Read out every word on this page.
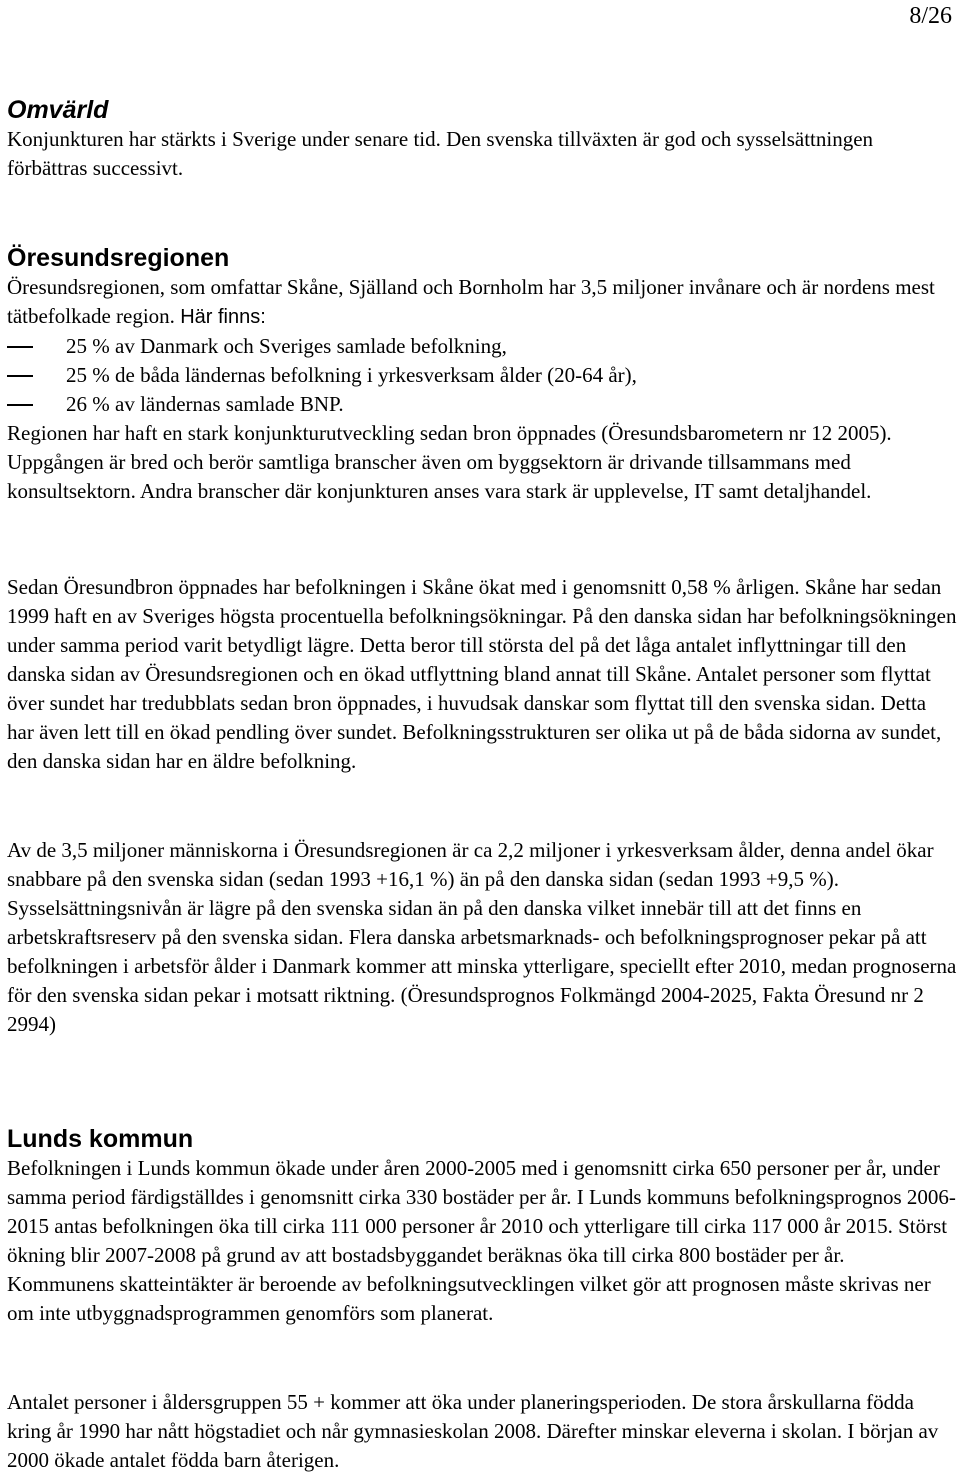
8/26
Omvärld

Konjunkturen har stärkts i Sverige under senare tid. Den svenska tillväxten är god och sysselsättningen förbättras successivt.

Öresundsregionen

Öresundsregionen, som omfattar Skåne, Själland och Bornholm har 3,5 miljoner invånare och är nordens mest tätbefolkade region. Här finns:

25 % av Danmark och Sveriges samlade befolkning,
25 % de båda ländernas befolkning i yrkesverksam ålder (20-64 år),
26 % av ländernas samlade BNP.

Regionen har haft en stark konjunkturutveckling sedan bron öppnades (Öresundsbarometern nr 12 2005). Uppgången är bred och berör samtliga branscher även om byggsektorn är drivande tillsammans med konsultsektorn. Andra branscher där konjunkturen anses vara stark är upplevelse, IT samt detaljhandel.

Sedan Öresundbron öppnades har befolkningen i Skåne ökat med i genomsnitt 0,58 % årligen. Skåne har sedan 1999 haft en av Sveriges högsta procentuella befolkningsökningar. På den danska sidan har befolkningsökningen under samma period varit betydligt lägre. Detta beror till största del på det låga antalet inflyttningar till den danska sidan av Öresundsregionen och en ökad utflyttning bland annat till Skåne. Antalet personer som flyttat över sundet har tredubblats sedan bron öppnades, i huvudsak danskar som flyttat till den svenska sidan. Detta har även lett till en ökad pendling över sundet. Befolkningsstrukturen ser olika ut på de båda sidorna av sundet, den danska sidan har en äldre befolkning.

Av de 3,5 miljoner människorna i Öresundsregionen är ca 2,2 miljoner i yrkesverksam ålder, denna andel ökar snabbare på den svenska sidan (sedan 1993 +16,1 %) än på den danska sidan (sedan 1993 +9,5 %). Sysselsättningsnivån är lägre på den svenska sidan än på den danska vilket innebär till att det finns en arbetskraftsreserv på den svenska sidan. Flera danska arbetsmarknads- och befolkningsprognoser pekar på att befolkningen i arbetsför ålder i Danmark kommer att minska ytterligare, speciellt efter 2010, medan prognoserna för den svenska sidan pekar i motsatt riktning. (Öresundsprognos Folkmängd 2004-2025, Fakta Öresund nr 2 2994)

Lunds kommun

Befolkningen i Lunds kommun ökade under åren 2000-2005 med i genomsnitt cirka 650 personer per år, under samma period färdigställdes i genomsnitt cirka 330 bostäder per år. I Lunds kommuns befolkningsprognos 2006-2015 antas befolkningen öka till cirka 111 000 personer år 2010 och ytterligare till cirka 117 000 år 2015. Störst ökning blir 2007-2008 på grund av att bostadsbyggandet beräknas öka till cirka 800 bostäder per år. Kommunens skatteintäkter är beroende av befolkningsutvecklingen vilket gör att prognosen måste skrivas ner om inte utbyggnadsprogrammen genomförs som planerat.

Antalet personer i åldersgruppen 55 + kommer att öka under planeringsperioden. De stora årskullarna födda kring år 1990 har nått högstadiet och når gymnasieskolan 2008. Därefter minskar eleverna i skolan. I början av 2000 ökade antalet födda barn återigen.
